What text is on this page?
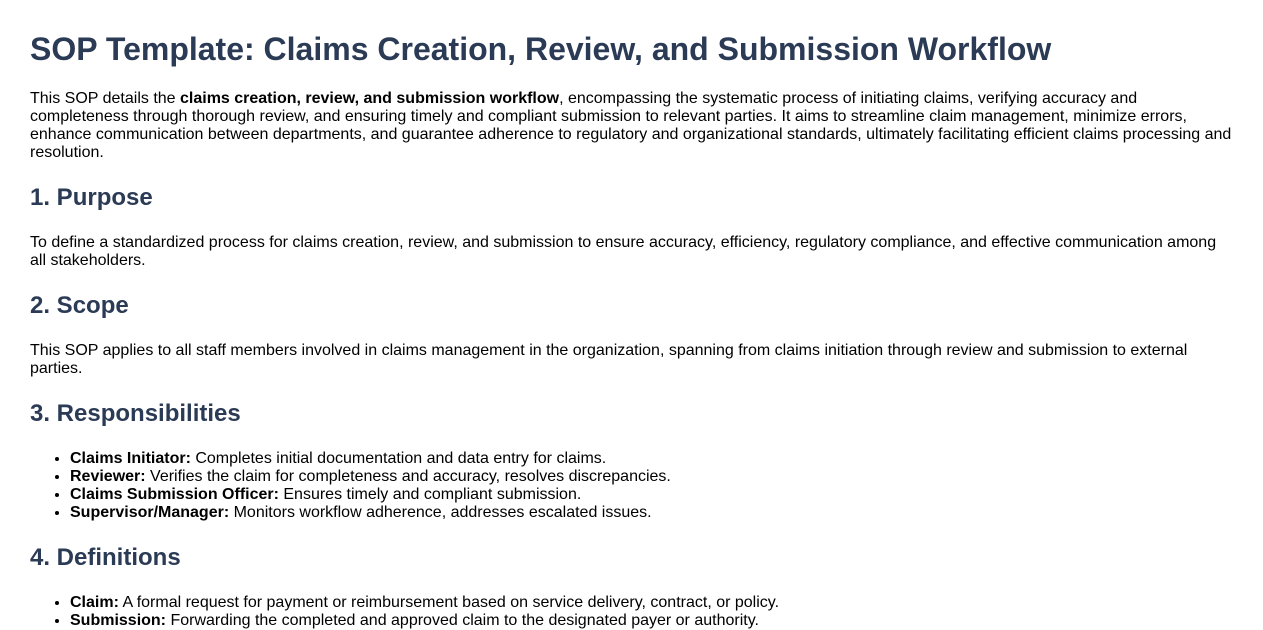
SOP Template: Claims Creation, Review, and Submission Workflow

This SOP details the claims creation, review, and submission workflow, encompassing the systematic process of initiating claims, verifying accuracy and completeness through thorough review, and ensuring timely and compliant submission to relevant parties. It aims to streamline claim management, minimize errors, enhance communication between departments, and guarantee adherence to regulatory and organizational standards, ultimately facilitating efficient claims processing and resolution.

1. Purpose

To define a standardized process for claims creation, review, and submission to ensure accuracy, efficiency, regulatory compliance, and effective communication among all stakeholders.

2. Scope

This SOP applies to all staff members involved in claims management in the organization, spanning from claims initiation through review and submission to external parties.

3. Responsibilities
• Claims Initiator: Completes initial documentation and data entry for claims.
• Reviewer: Verifies the claim for completeness and accuracy, resolves discrepancies.
• Claims Submission Officer: Ensures timely and compliant submission.
• Supervisor/Manager: Monitors workflow adherence, addresses escalated issues.
4. Definitions
• Claim: A formal request for payment or reimbursement based on service delivery, contract, or policy.
• Submission: Forwarding the completed and approved claim to the designated payer or authority.
